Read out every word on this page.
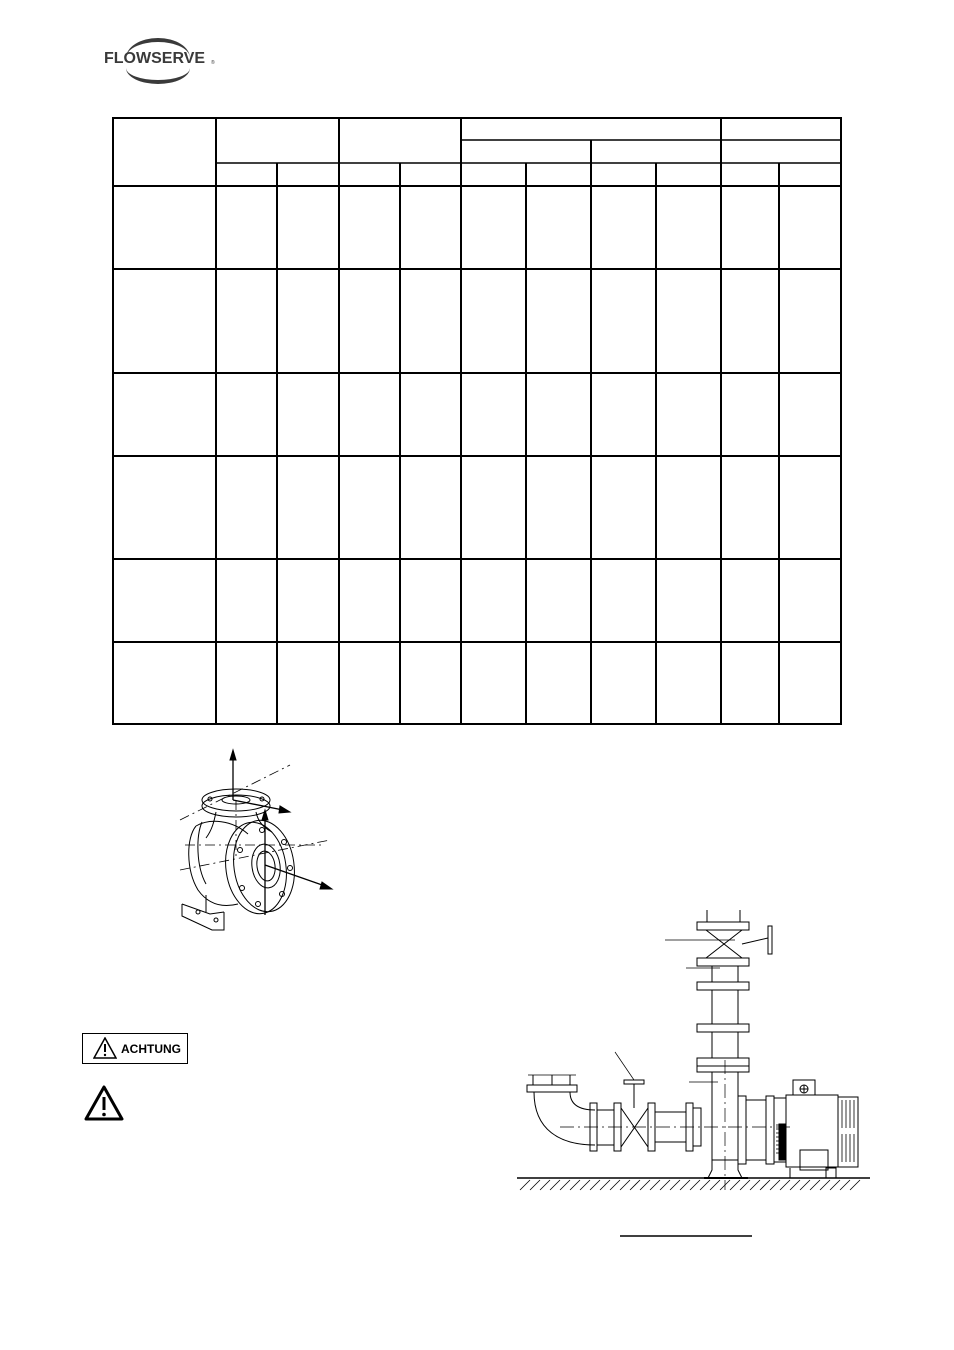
FLOWSERVE ®
ACHTUNG
